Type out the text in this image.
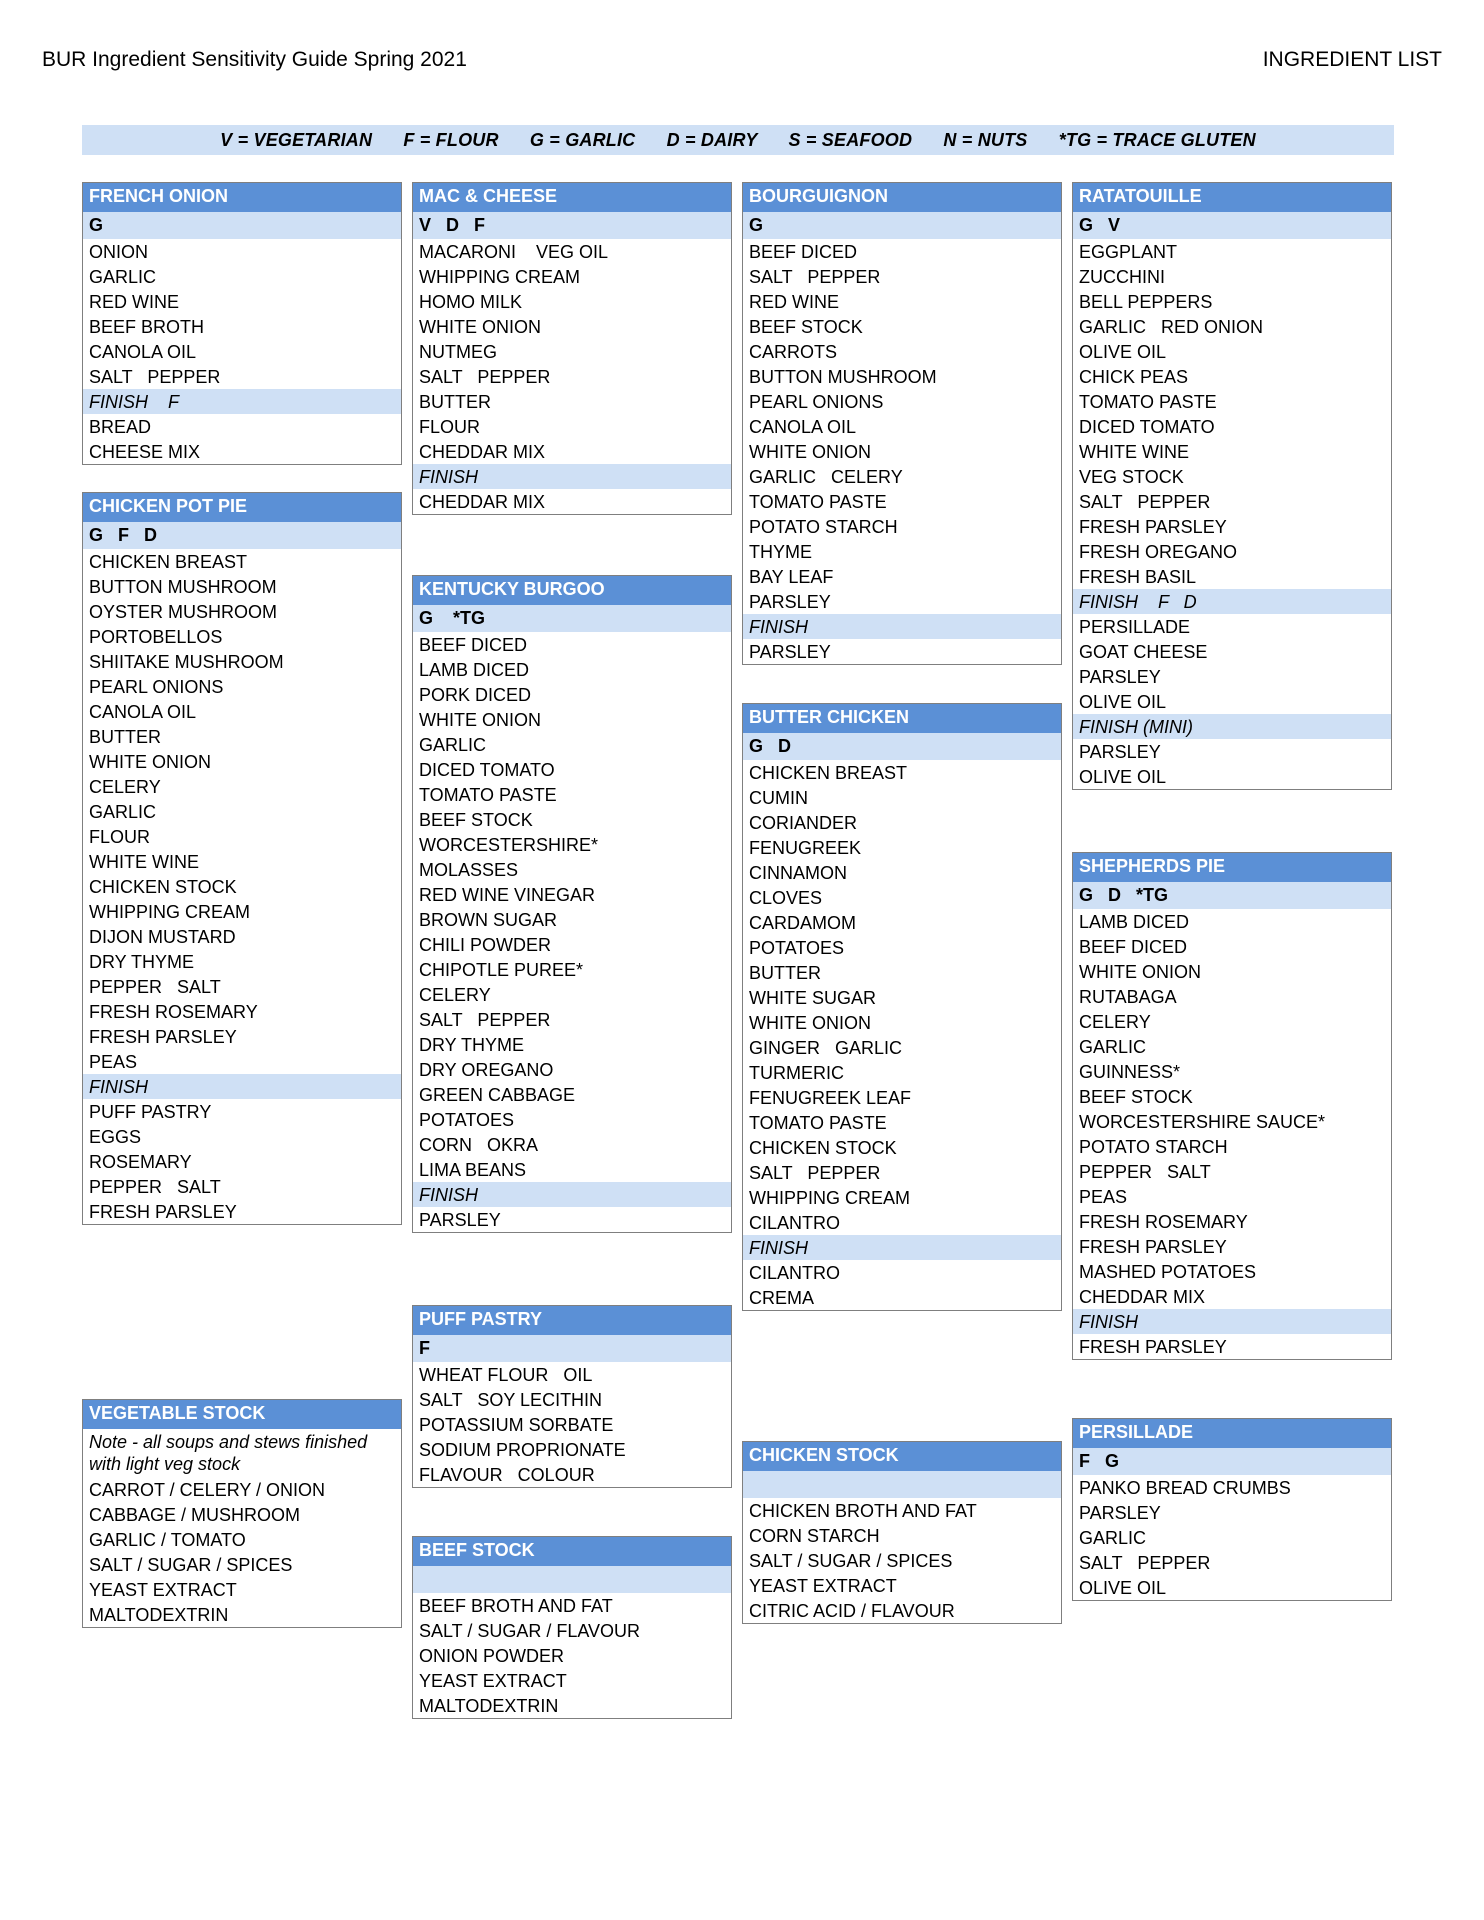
BUR Ingredient Sensitivity Guide Spring 2021	INGREDIENT LIST
V = VEGETARIAN      F = FLOUR      G = GARLIC      D = DAIRY      S = SEAFOOD      N = NUTS      *TG = TRACE GLUTEN
FRENCH ONION
G
ONION
GARLIC
RED WINE
BEEF BROTH
CANOLA OIL
SALT   PEPPER
FINISH    F
BREAD
CHEESE MIX
CHICKEN POT PIE
G   F   D
CHICKEN BREAST
BUTTON MUSHROOM
OYSTER MUSHROOM
PORTOBELLOS
SHIITAKE MUSHROOM
PEARL ONIONS
CANOLA OIL
BUTTER
WHITE ONION
CELERY
GARLIC
FLOUR
WHITE WINE
CHICKEN STOCK
WHIPPING CREAM
DIJON MUSTARD
DRY THYME
PEPPER   SALT
FRESH ROSEMARY
FRESH PARSLEY
PEAS
FINISH
PUFF PASTRY
EGGS
ROSEMARY
PEPPER   SALT
FRESH PARSLEY
VEGETABLE STOCK
Note - all soups and stews finished with light veg stock
CARROT / CELERY / ONION
CABBAGE / MUSHROOM
GARLIC / TOMATO
SALT / SUGAR / SPICES
YEAST EXTRACT
MALTODEXTRIN
MAC & CHEESE
V   D   F
MACARONI    VEG OIL
WHIPPING CREAM
HOMO MILK
WHITE ONION
NUTMEG
SALT   PEPPER
BUTTER
FLOUR
CHEDDAR MIX
FINISH
CHEDDAR MIX
KENTUCKY BURGOO
G    *TG
BEEF DICED
LAMB DICED
PORK DICED
WHITE ONION
GARLIC
DICED TOMATO
TOMATO PASTE
BEEF STOCK
WORCESTERSHIRE*
MOLASSES
RED WINE VINEGAR
BROWN SUGAR
CHILI POWDER
CHIPOTLE PUREE*
CELERY
SALT   PEPPER
DRY THYME
DRY OREGANO
GREEN CABBAGE
POTATOES
CORN   OKRA
LIMA BEANS
FINISH
PARSLEY
PUFF PASTRY
F
WHEAT FLOUR   OIL
SALT   SOY LECITHIN
POTASSIUM SORBATE
SODIUM PROPRIONATE
FLAVOUR   COLOUR
BEEF STOCK

BEEF BROTH AND FAT
SALT / SUGAR / FLAVOUR
ONION POWDER
YEAST EXTRACT
MALTODEXTRIN
BOURGUIGNON
G
BEEF DICED
SALT   PEPPER
RED WINE
BEEF STOCK
CARROTS
BUTTON MUSHROOM
PEARL ONIONS
CANOLA OIL
WHITE ONION
GARLIC   CELERY
TOMATO PASTE
POTATO STARCH
THYME
BAY LEAF
PARSLEY
FINISH
PARSLEY
BUTTER CHICKEN
G   D
CHICKEN BREAST
CUMIN
CORIANDER
FENUGREEK
CINNAMON
CLOVES
CARDAMOM
POTATOES
BUTTER
WHITE SUGAR
WHITE ONION
GINGER   GARLIC
TURMERIC
FENUGREEK LEAF
TOMATO PASTE
CHICKEN STOCK
SALT   PEPPER
WHIPPING CREAM
CILANTRO
FINISH
CILANTRO
CREMA
CHICKEN STOCK

CHICKEN BROTH AND FAT
CORN STARCH
SALT / SUGAR / SPICES
YEAST EXTRACT
CITRIC ACID / FLAVOUR
RATATOUILLE
G   V
EGGPLANT
ZUCCHINI
BELL PEPPERS
GARLIC   RED ONION
OLIVE OIL
CHICK PEAS
TOMATO PASTE
DICED TOMATO
WHITE WINE
VEG STOCK
SALT   PEPPER
FRESH PARSLEY
FRESH OREGANO
FRESH BASIL
FINISH    F   D
PERSILLADE
GOAT CHEESE
PARSLEY
OLIVE OIL
FINISH (MINI)
PARSLEY
OLIVE OIL
SHEPHERDS PIE
G   D   *TG
LAMB DICED
BEEF DICED
WHITE ONION
RUTABAGA
CELERY
GARLIC
GUINNESS*
BEEF STOCK
WORCESTERSHIRE SAUCE*
POTATO STARCH
PEPPER   SALT
PEAS
FRESH ROSEMARY
FRESH PARSLEY
MASHED POTATOES
CHEDDAR MIX
FINISH
FRESH PARSLEY
PERSILLADE
F   G
PANKO BREAD CRUMBS
PARSLEY
GARLIC
SALT   PEPPER
OLIVE OIL
